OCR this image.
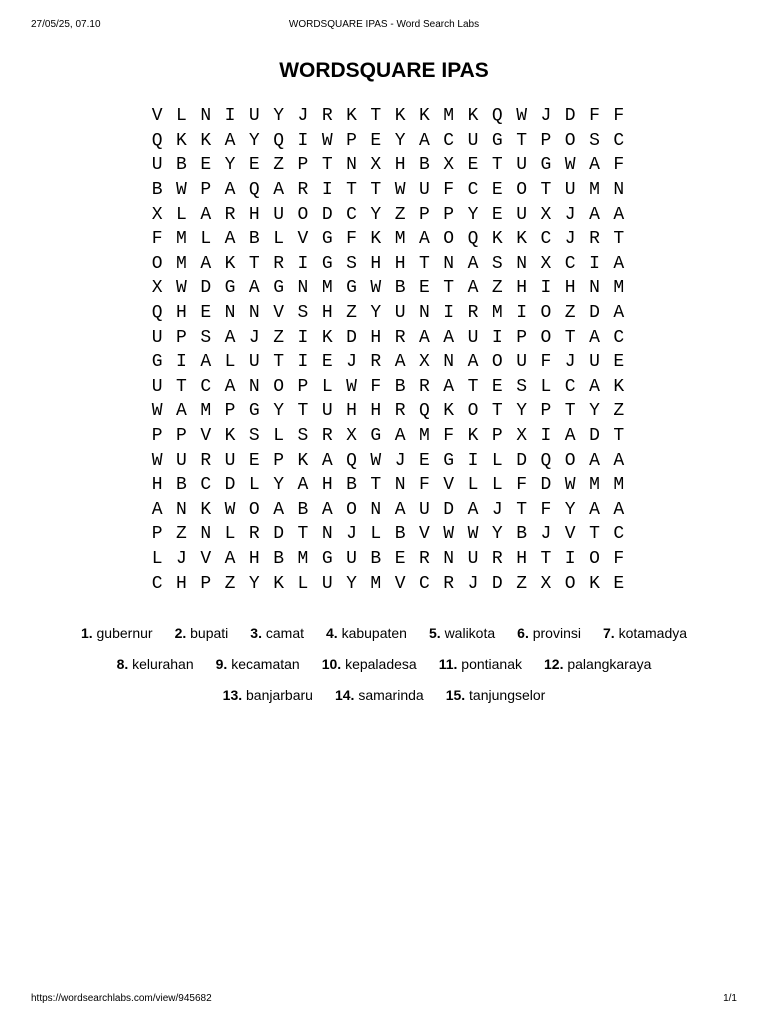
27/05/25, 07.10	WORDSQUARE IPAS - Word Search Labs
WORDSQUARE IPAS
V L N I U Y J R K T K K M K Q W J D F F
Q K K A Y Q I W P E Y A C U G T P O S C
U B E Y E Z P T N X H B X E T U G W A F
B W P A Q A R I T T W U F C E O T U M N
X L A R H U O D C Y Z P P Y E U X J A A
F M L A B L V G F K M A O Q K K C J R T
O M A K T R I G S H H T N A S N X C I A
X W D G A G N M G W B E T A Z H I H N M
Q H E N N V S H Z Y U N I R M I O Z D A
U P S A J Z I K D H R A A U I P O T A C
G I A L U T I E J R A X N A O U F J U E
U T C A N O P L W F B R A T E S L C A K
W A M P G Y T U H H R Q K O T Y P T Y Z
P P V K S L S R X G A M F K P X I A D T
W U R U E P K A Q W J E G I L D Q O A A
H B C D L Y A H B T N F V L L F D W M M
A N K W O A B A O N A U D A J T F Y A A
P Z N L R D T N J L B V W W Y B J V T C
L J V A H B M G U B E R N U R H T I O F
C H P Z Y K L U Y M V C R J D Z X O K E
1. gubernur 2. bupati 3. camat 4. kabupaten 5. walikota 6. provinsi 7. kotamadya
8. kelurahan 9. kecamatan 10. kepaladesa 11. pontianak 12. palangkaraya
13. banjarbaru 14. samarinda 15. tanjungselor
https://wordsearchlabs.com/view/945682	1/1
